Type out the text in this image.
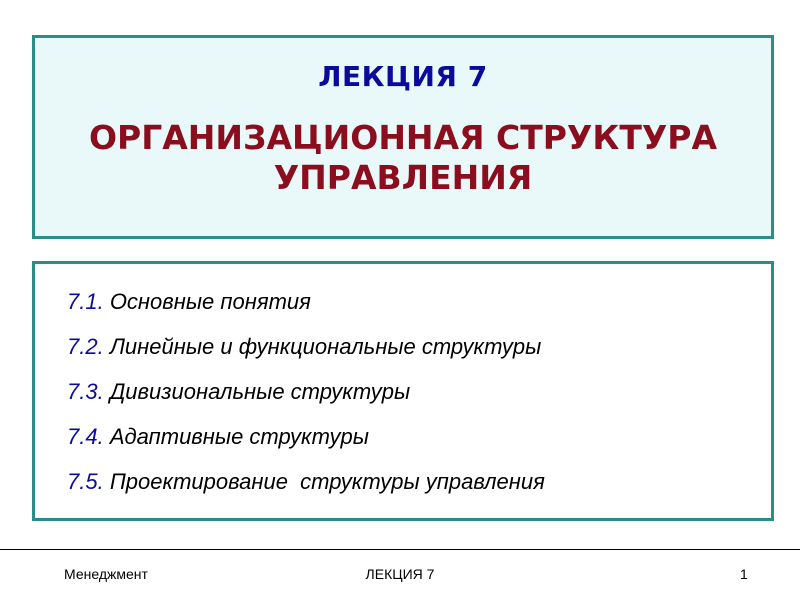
ЛЕКЦИЯ 7
ОРГАНИЗАЦИОННАЯ СТРУКТУРА УПРАВЛЕНИЯ
7.1. Основные понятия
7.2. Линейные и функциональные структуры
7.3. Дивизиональные структуры
7.4. Адаптивные структуры
7.5. Проектирование  структуры управления
Менеджмент	ЛЕКЦИЯ 7	1
